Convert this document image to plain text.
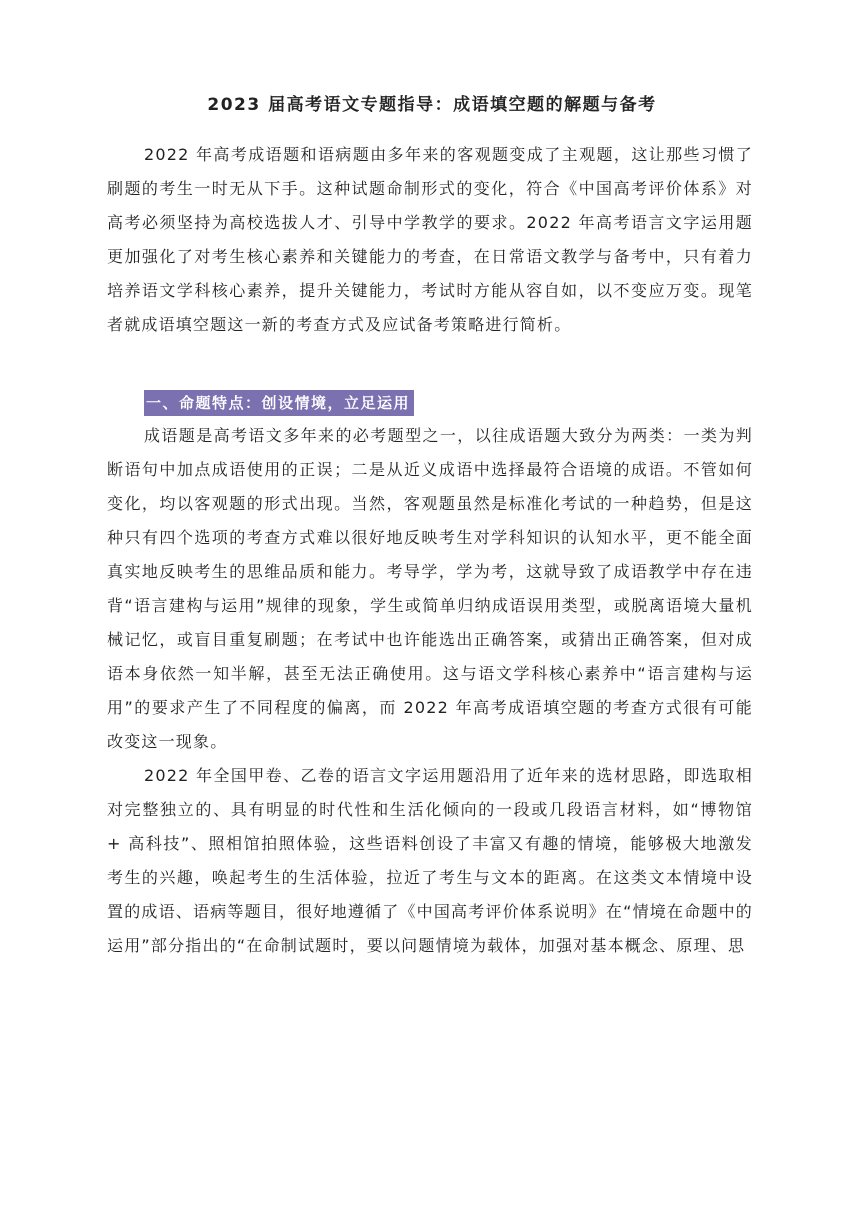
2023 届高考语文专题指导：成语填空题的解题与备考

2022 年高考成语题和语病题由多年来的客观题变成了主观题，这让那些习惯了刷题的考生一时无从下手。这种试题命制形式的变化，符合《中国高考评价体系》对高考必须坚持为高校选拔人才、引导中学教学的要求。2022 年高考语言文字运用题更加强化了对考生核心素养和关键能力的考查，在日常语文教学与备考中，只有着力培养语文学科核心素养，提升关键能力，考试时方能从容自如，以不变应万变。现笔者就成语填空题这一新的考查方式及应试备考策略进行简析。

一、命题特点：创设情境，立足运用

成语题是高考语文多年来的必考题型之一，以往成语题大致分为两类：一类为判断语句中加点成语使用的正误；二是从近义成语中选择最符合语境的成语。不管如何变化，均以客观题的形式出现。当然，客观题虽然是标准化考试的一种趋势，但是这种只有四个选项的考查方式难以很好地反映考生对学科知识的认知水平，更不能全面真实地反映考生的思维品质和能力。考导学，学为考，这就导致了成语教学中存在违背“语言建构与运用”规律的现象，学生或简单归纳成语误用类型，或脱离语境大量机械记忆，或盲目重复刷题；在考试中也许能选出正确答案，或猜出正确答案，但对成语本身依然一知半解，甚至无法正确使用。这与语文学科核心素养中“语言建构与运用”的要求产生了不同程度的偏离，而 2022 年高考成语填空题的考查方式很有可能改变这一现象。

2022 年全国甲卷、乙卷的语言文字运用题沿用了近年来的选材思路，即选取相对完整独立的、具有明显的时代性和生活化倾向的一段或几段语言材料，如“博物馆 + 高科技”、照相馆拍照体验，这些语料创设了丰富又有趣的情境，能够极大地激发考生的兴趣，唤起考生的生活体验，拉近了考生与文本的距离。在这类文本情境中设置的成语、语病等题目，很好地遵循了《中国高考评价体系说明》在“情境在命题中的运用”部分指出的“在命制试题时，要以问题情境为载体，加强对基本概念、原理、思
